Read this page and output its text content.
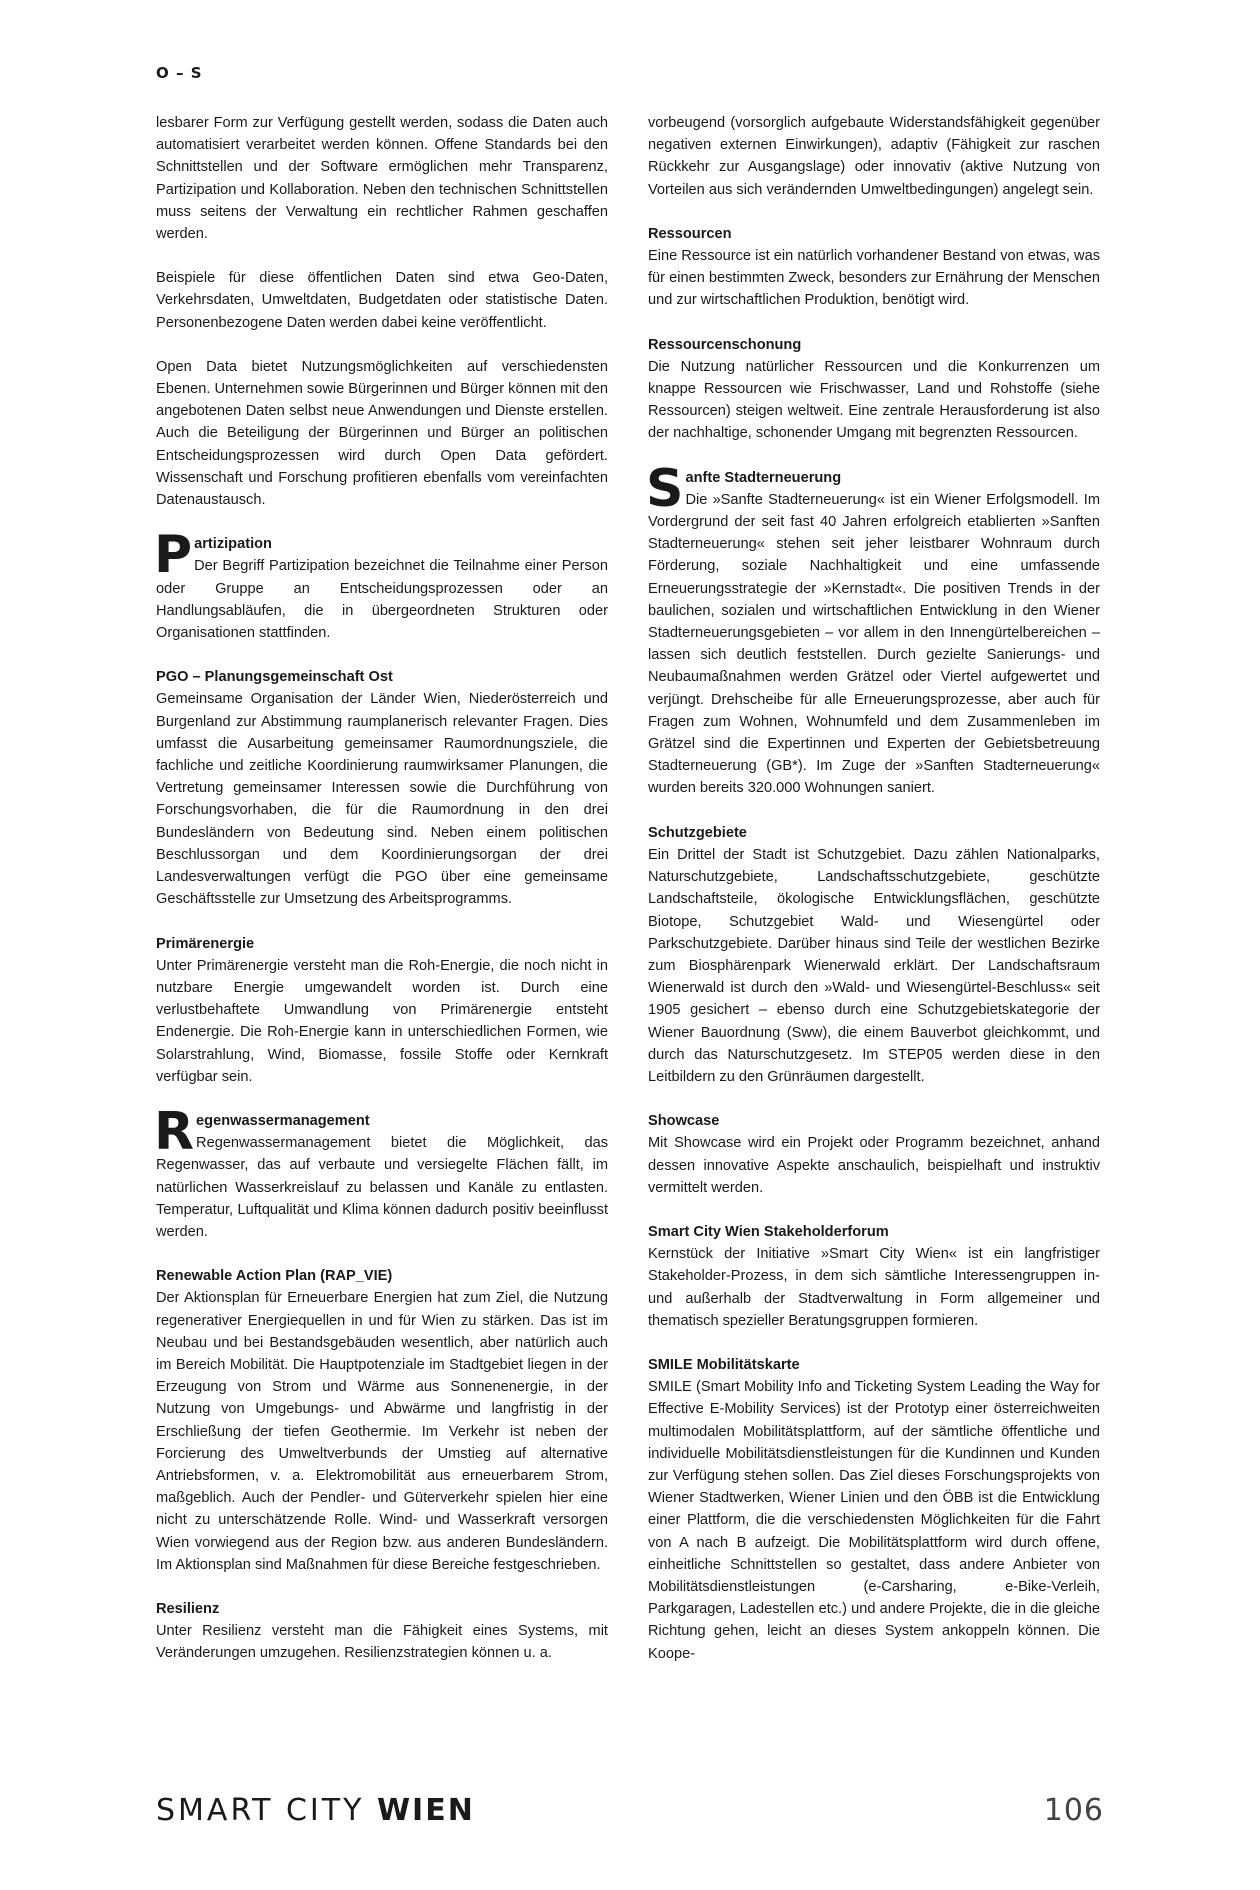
O – S

lesbarer Form zur Verfügung gestellt werden, sodass die Daten auch automatisiert verarbeitet werden können. Offene Standards bei den Schnittstellen und der Software ermöglichen mehr Transparenz, Partizipation und Kollaboration. Neben den technischen Schnittstellen muss seitens der Verwaltung ein rechtlicher Rahmen geschaffen werden.

Beispiele für diese öffentlichen Daten sind etwa Geo-Daten, Verkehrsdaten, Umweltdaten, Budgetdaten oder statistische Daten. Personenbezogene Daten werden dabei keine veröffentlicht.

Open Data bietet Nutzungsmöglichkeiten auf verschiedensten Ebenen. Unternehmen sowie Bürgerinnen und Bürger können mit den angebotenen Daten selbst neue Anwendungen und Dienste erstellen. Auch die Beteiligung der Bürgerinnen und Bürger an politischen Entscheidungsprozessen wird durch Open Data gefördert. Wissenschaft und Forschung profitieren ebenfalls vom vereinfachten Datenaustausch.

P artizipation
Der Begriff Partizipation bezeichnet die Teilnahme einer Person oder Gruppe an Entscheidungsprozessen oder an Handlungsabläufen, die in übergeordneten Strukturen oder Organisationen stattfinden.
PGO – Planungsgemeinschaft Ost
Gemeinsame Organisation der Länder Wien, Niederösterreich und Burgenland zur Abstimmung raumplanerisch relevanter Fragen. Dies umfasst die Ausarbeitung gemeinsamer Raumordnungsziele, die fachliche und zeitliche Koordinierung raumwirksamer Planungen, die Vertretung gemeinsamer Interessen sowie die Durchführung von Forschungsvorhaben, die für die Raumordnung in den drei Bundesländern von Bedeutung sind. Neben einem politischen Beschlussorgan und dem Koordinierungsorgan der drei Landesverwaltungen verfügt die PGO über eine gemeinsame Geschäftsstelle zur Umsetzung des Arbeitsprogramms.
Primärenergie
Unter Primärenergie versteht man die Roh-Energie, die noch nicht in nutzbare Energie umgewandelt worden ist. Durch eine verlustbehaftete Umwandlung von Primärenergie entsteht Endenergie. Die Roh-Energie kann in unterschiedlichen Formen, wie Solarstrahlung, Wind, Biomasse, fossile Stoffe oder Kernkraft verfügbar sein.
R egenwassermanagement
Regenwassermanagement bietet die Möglichkeit, das Regenwasser, das auf verbaute und versiegelte Flächen fällt, im natürlichen Wasserkreislauf zu belassen und Kanäle zu entlasten. Temperatur, Luftqualität und Klima können dadurch positiv beeinflusst werden.
Renewable Action Plan (RAP_VIE)
Der Aktionsplan für Erneuerbare Energien hat zum Ziel, die Nutzung regenerativer Energiequellen in und für Wien zu stärken. Das ist im Neubau und bei Bestandsgebäuden wesentlich, aber natürlich auch im Bereich Mobilität. Die Hauptpotenziale im Stadtgebiet liegen in der Erzeugung von Strom und Wärme aus Sonnenenergie, in der Nutzung von Umgebungs- und Abwärme und langfristig in der Erschließung der tiefen Geothermie. Im Verkehr ist neben der Forcierung des Umweltverbunds der Umstieg auf alternative Antriebsformen, v. a. Elektromobilität aus erneuerbarem Strom, maßgeblich. Auch der Pendler- und Güterverkehr spielen hier eine nicht zu unterschätzende Rolle. Wind- und Wasserkraft versorgen Wien vorwiegend aus der Region bzw. aus anderen Bundesländern. Im Aktionsplan sind Maßnahmen für diese Bereiche festgeschrieben.
Resilienz
Unter Resilienz versteht man die Fähigkeit eines Systems, mit Veränderungen umzugehen. Resilienzstrategien können u. a.

vorbeugend (vorsorglich aufgebaute Widerstandsfähigkeit gegenüber negativen externen Einwirkungen), adaptiv (Fähigkeit zur raschen Rückkehr zur Ausgangslage) oder innovativ (aktive Nutzung von Vorteilen aus sich verändernden Umweltbedingungen) angelegt sein.

Ressourcen
Eine Ressource ist ein natürlich vorhandener Bestand von etwas, was für einen bestimmten Zweck, besonders zur Ernährung der Menschen und zur wirtschaftlichen Produktion, benötigt wird.
Ressourcenschonung
Die Nutzung natürlicher Ressourcen und die Konkurrenzen um knappe Ressourcen wie Frischwasser, Land und Rohstoffe (siehe Ressourcen) steigen weltweit. Eine zentrale Herausforderung ist also der nachhaltige, schonender Umgang mit begrenzten Ressourcen.
S anfte Stadterneuerung
Die »Sanfte Stadterneuerung« ist ein Wiener Erfolgsmodell. Im Vordergrund der seit fast 40 Jahren erfolgreich etablierten »Sanften Stadterneuerung« stehen seit jeher leistbarer Wohnraum durch Förderung, soziale Nachhaltigkeit und eine umfassende Erneuerungsstrategie der »Kernstadt«. Die positiven Trends in der baulichen, sozialen und wirtschaftlichen Entwicklung in den Wiener Stadterneuerungsgebieten – vor allem in den Innengürtelbereichen – lassen sich deutlich feststellen. Durch gezielte Sanierungs- und Neubaumaßnahmen werden Grätzel oder Viertel aufgewertet und verjüngt. Drehscheibe für alle Erneuerungsprozesse, aber auch für Fragen zum Wohnen, Wohnumfeld und dem Zusammenleben im Grätzel sind die Expertinnen und Experten der Gebietsbetreuung Stadterneuerung (GB*). Im Zuge der »Sanften Stadterneuerung« wurden bereits 320.000 Wohnungen saniert.
Schutzgebiete
Ein Drittel der Stadt ist Schutzgebiet. Dazu zählen Nationalparks, Naturschutzgebiete, Landschaftsschutzgebiete, geschützte Landschaftsteile, ökologische Entwicklungsflächen, geschützte Biotope, Schutzgebiet Wald- und Wiesengürtel oder Parkschutzgebiete. Darüber hinaus sind Teile der westlichen Bezirke zum Biosphärenpark Wienerwald erklärt. Der Landschaftsraum Wienerwald ist durch den »Wald- und Wiesengürtel-Beschluss« seit 1905 gesichert – ebenso durch eine Schutzgebietskategorie der Wiener Bauordnung (Sww), die einem Bauverbot gleichkommt, und durch das Naturschutzgesetz. Im STEP05 werden diese in den Leitbildern zu den Grünräumen dargestellt.
Showcase
Mit Showcase wird ein Projekt oder Programm bezeichnet, anhand dessen innovative Aspekte anschaulich, beispielhaft und instruktiv vermittelt werden.
Smart City Wien Stakeholderforum
Kernstück der Initiative »Smart City Wien« ist ein langfristiger Stakeholder-Prozess, in dem sich sämtliche Interessengruppen in- und außerhalb der Stadtverwaltung in Form allgemeiner und thematisch spezieller Beratungsgruppen formieren.
SMILE Mobilitätskarte
SMILE (Smart Mobility Info and Ticketing System Leading the Way for Effective E-Mobility Services) ist der Prototyp einer österreichweiten multimodalen Mobilitätsplattform, auf der sämtliche öffentliche und individuelle Mobilitätsdienstleistungen für die Kundinnen und Kunden zur Verfügung stehen sollen. Das Ziel dieses Forschungsprojekts von Wiener Stadtwerken, Wiener Linien und den ÖBB ist die Entwicklung einer Plattform, die die verschiedensten Möglichkeiten für die Fahrt von A nach B aufzeigt. Die Mobilitätsplattform wird durch offene, einheitliche Schnittstellen so gestaltet, dass andere Anbieter von Mobilitätsdienstleistungen (e-Carsharing, e-Bike-Verleih, Parkgaragen, Ladestellen etc.) und andere Projekte, die in die gleiche Richtung gehen, leicht an dieses System ankoppeln können. Die Koope-
SMART CITY WIEN	106
